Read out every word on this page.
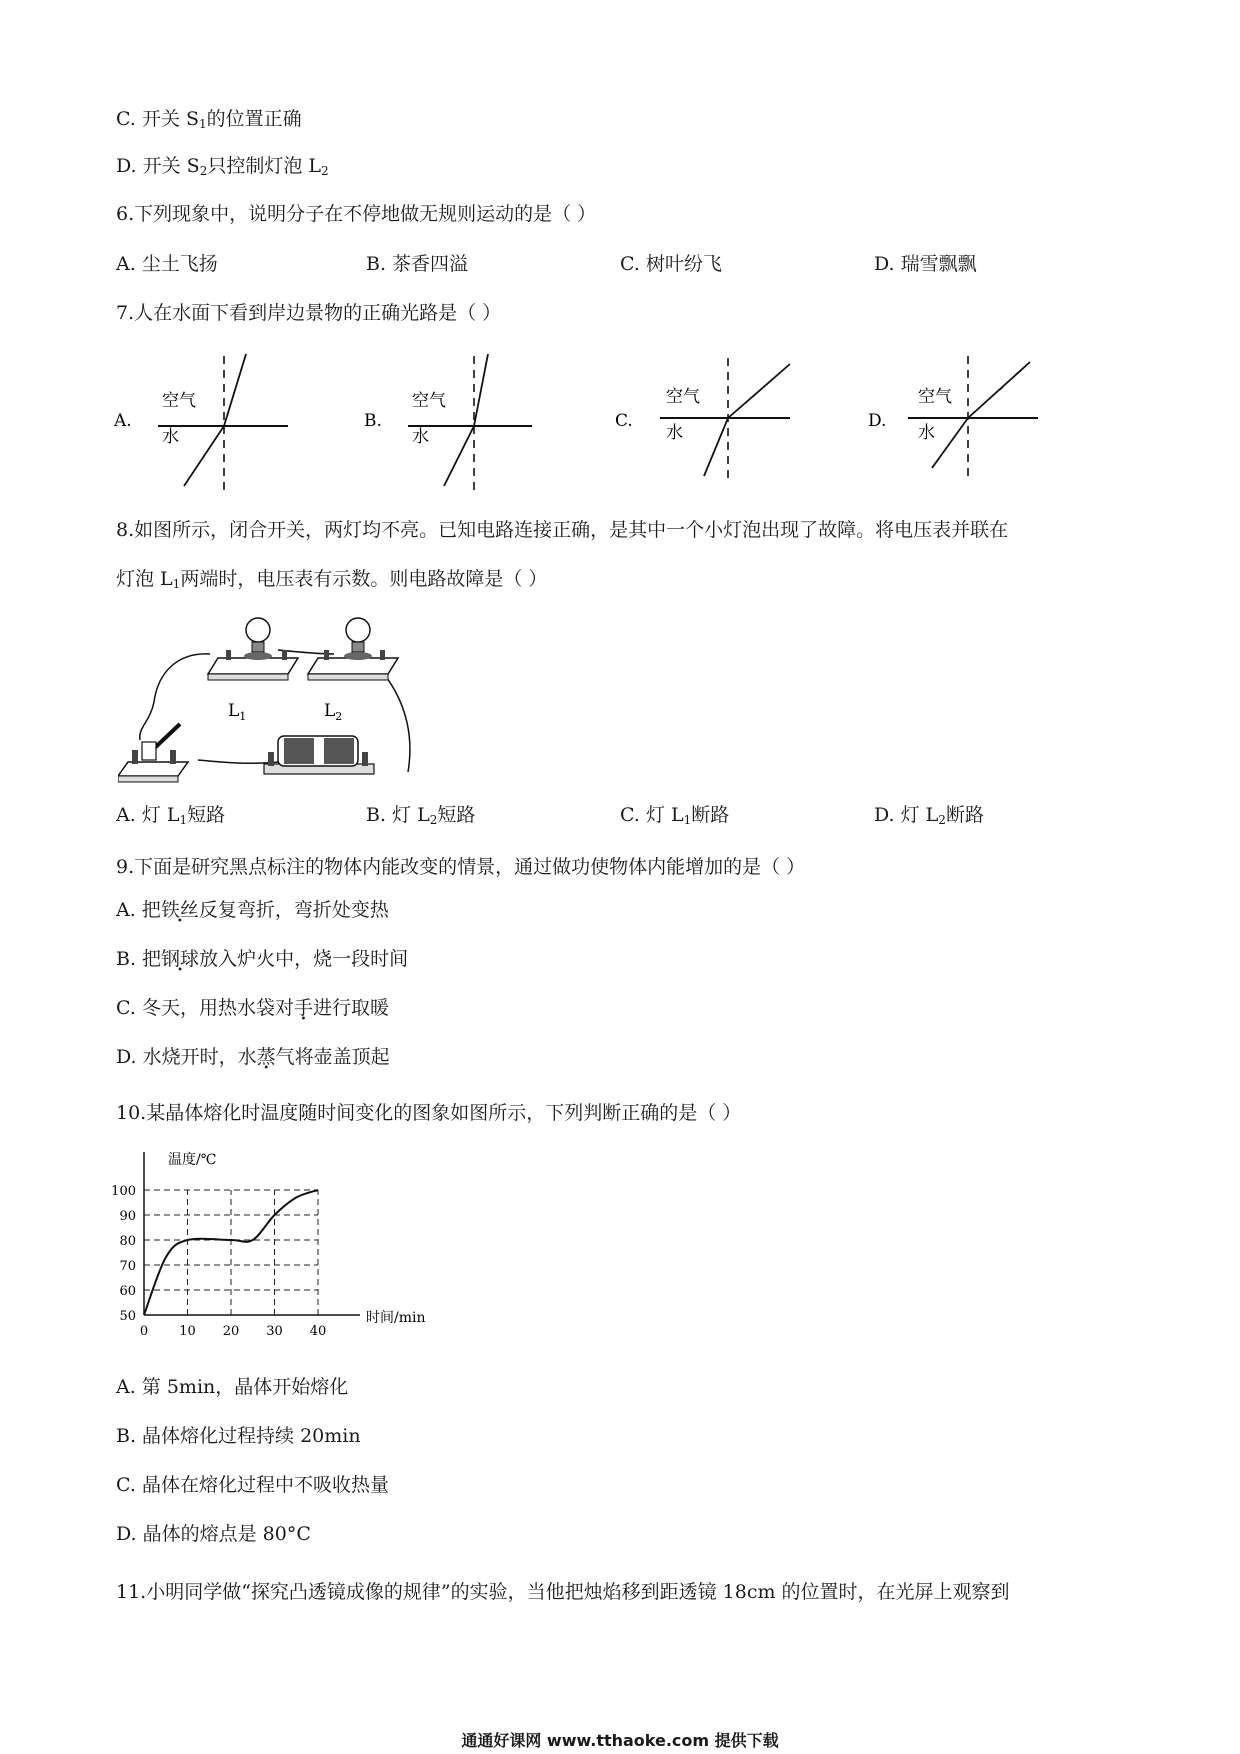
C. 开关 $S_1$的位置正确
D. 开关 $S_2$只控制灯泡 $L_2$
6.下列现象中，说明分子在不停地做无规则运动的是（ ）
A. 尘土飞扬	B. 茶香四溢	C. 树叶纷飞	D. 瑞雪飘飘
7.人在水面下看到岸边景物的正确光路是（ ）
A.
空气
水
B.
空气
水
C.
空气
水
D.
空气
水
8.如图所示，闭合开关，两灯均不亮。已知电路连接正确，是其中一个小灯泡出现了故障。将电压表并联在
灯泡 $L_1$两端时，电压表有示数。则电路故障是（ ）
$L_1$	$L_2$
A. 灯 $L_1$短路	B. 灯 $L_2$短路	C. 灯 $L_1$断路	D. 灯 $L_2$断路
9.下面是研究黑点标注的物体内能改变的情景，通过做功使物体内能增加的是（ ）
A. 把铁丝反复弯折，弯折处变热
B. 把钢球放入炉火中，烧一段时间
C. 冬天，用热水袋对手进行取暖
D. 水烧开时，水蒸气将壶盖顶起
10.某晶体熔化时温度随时间变化的图象如图所示，下列判断正确的是（ ）
温度/℃
时间/min
50
60
70
80
90
100
0 10 20 30 40
A. 第 5min，晶体开始熔化
B. 晶体熔化过程持续 20min
C. 晶体在熔化过程中不吸收热量
D. 晶体的熔点是 80°C
11.小明同学做“探究凸透镜成像的规律”的实验，当他把烛焰移到距透镜 18cm 的位置时，在光屏上观察到
通通好课网 www.tthaoke.com 提供下载
